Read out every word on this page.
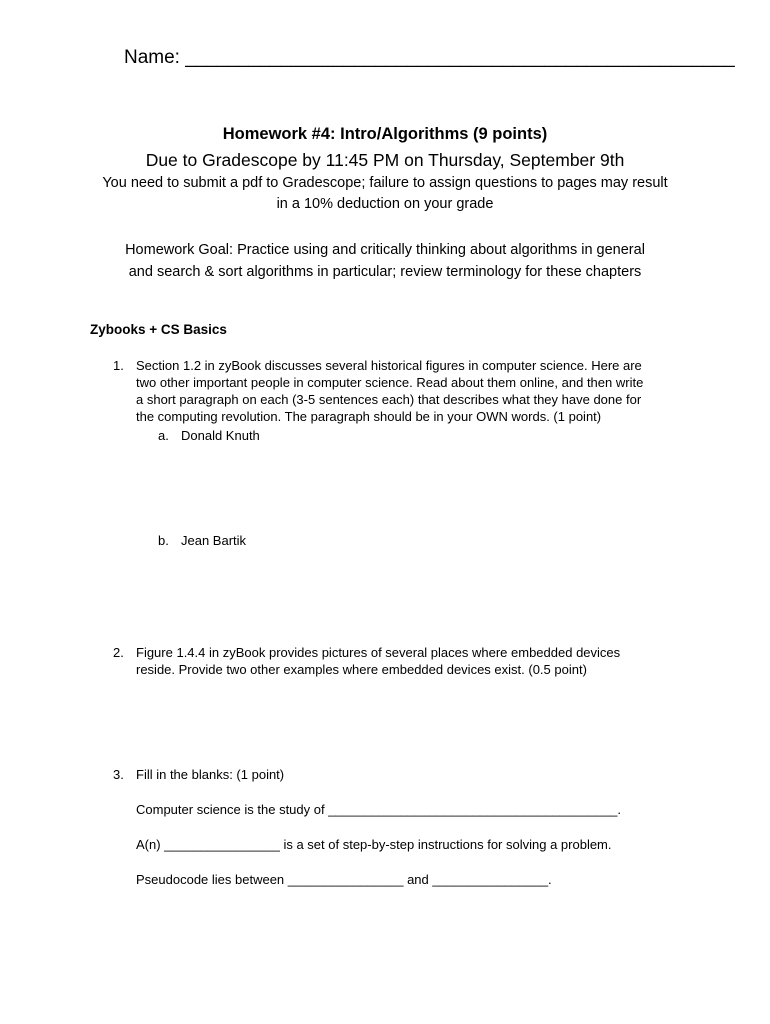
Name: ____________________________________________________
Homework #4: Intro/Algorithms (9 points)
Due to Gradescope by 11:45 PM on Thursday, September 9th
You need to submit a pdf to Gradescope; failure to assign questions to pages may result
in a 10% deduction on your grade
Homework Goal: Practice using and critically thinking about algorithms in general
and search & sort algorithms in particular; review terminology for these chapters
Zybooks + CS Basics
1. Section 1.2 in zyBook discusses several historical figures in computer science. Here are
two other important people in computer science. Read about them online, and then write
a short paragraph on each (3-5 sentences each) that describes what they have done for
the computing revolution. The paragraph should be in your OWN words. (1 point)
a. Donald Knuth
b. Jean Bartik
2. Figure 1.4.4 in zyBook provides pictures of several places where embedded devices
reside. Provide two other examples where embedded devices exist. (0.5 point)
3. Fill in the blanks: (1 point)
Computer science is the study of ________________________________________.
A(n) ________________ is a set of step-by-step instructions for solving a problem.
Pseudocode lies between ________________ and ________________.
